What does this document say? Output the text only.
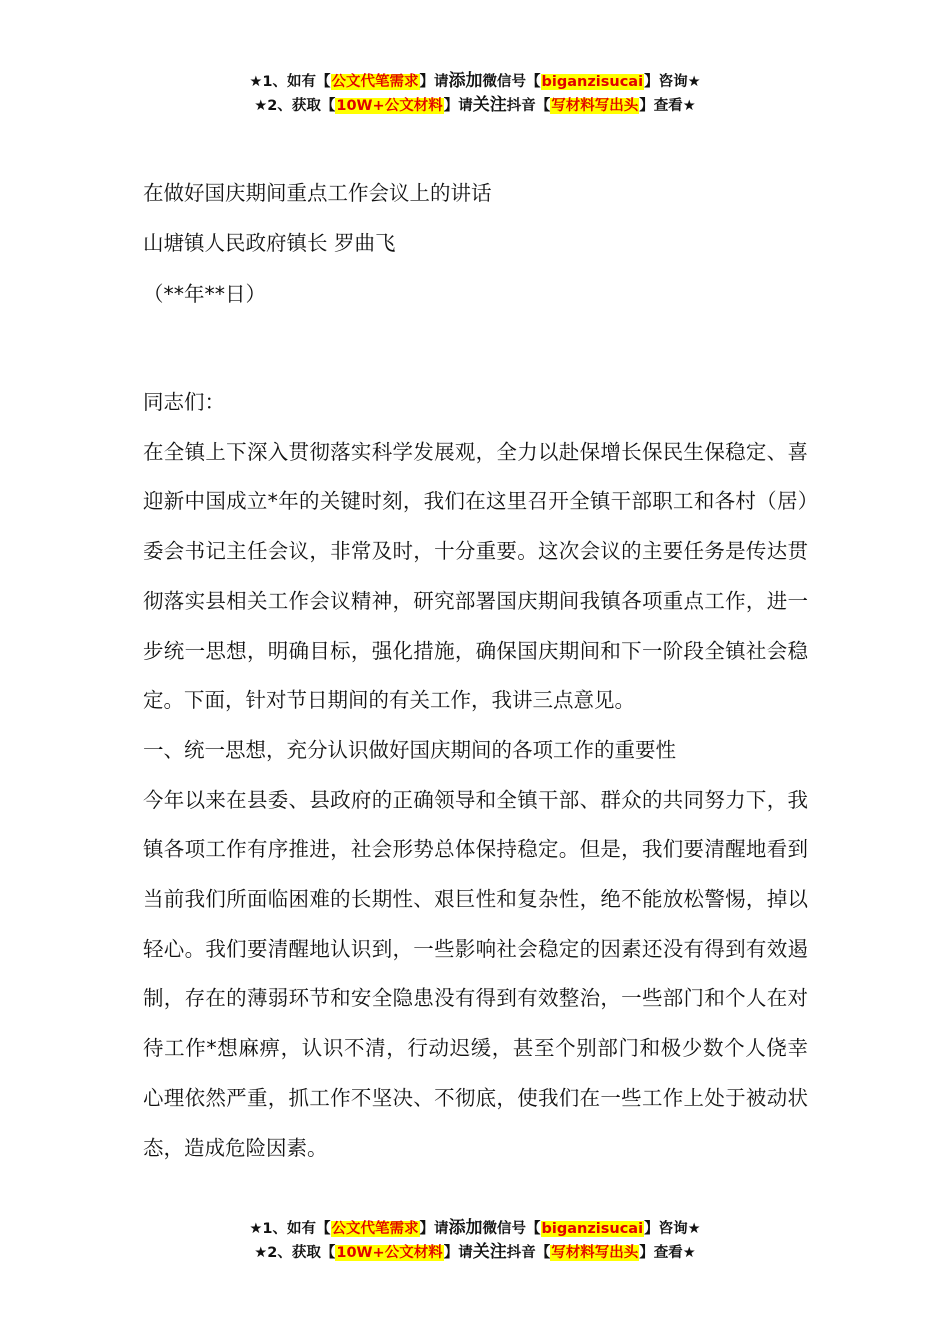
★1、如有【公文代笔需求】请添加微信号【biganzisucai】咨询★
★2、获取【10W+公文材料】请关注抖音【写材料写出头】查看★
在做好国庆期间重点工作会议上的讲话
山塘镇人民政府镇长 罗曲飞
（**年**日）

同志们：

在全镇上下深入贯彻落实科学发展观，全力以赴保增长保民生保稳定、喜迎新中国成立*年的关键时刻，我们在这里召开全镇干部职工和各村（居）委会书记主任会议，非常及时，十分重要。这次会议的主要任务是传达贯彻落实县相关工作会议精神，研究部署国庆期间我镇各项重点工作，进一步统一思想，明确目标，强化措施，确保国庆期间和下一阶段全镇社会稳定。下面，针对节日期间的有关工作，我讲三点意见。

一、统一思想，充分认识做好国庆期间的各项工作的重要性

今年以来在县委、县政府的正确领导和全镇干部、群众的共同努力下，我镇各项工作有序推进，社会形势总体保持稳定。但是，我们要清醒地看到当前我们所面临困难的长期性、艰巨性和复杂性，绝不能放松警惕，掉以轻心。我们要清醒地认识到，一些影响社会稳定的因素还没有得到有效遏制，存在的薄弱环节和安全隐患没有得到有效整治，一些部门和个人在对待工作*想麻痹，认识不清，行动迟缓，甚至个别部门和极少数个人侥幸心理依然严重，抓工作不坚决、不彻底，使我们在一些工作上处于被动状态，造成危险因素。

★1、如有【公文代笔需求】请添加微信号【biganzisucai】咨询★
★2、获取【10W+公文材料】请关注抖音【写材料写出头】查看★
